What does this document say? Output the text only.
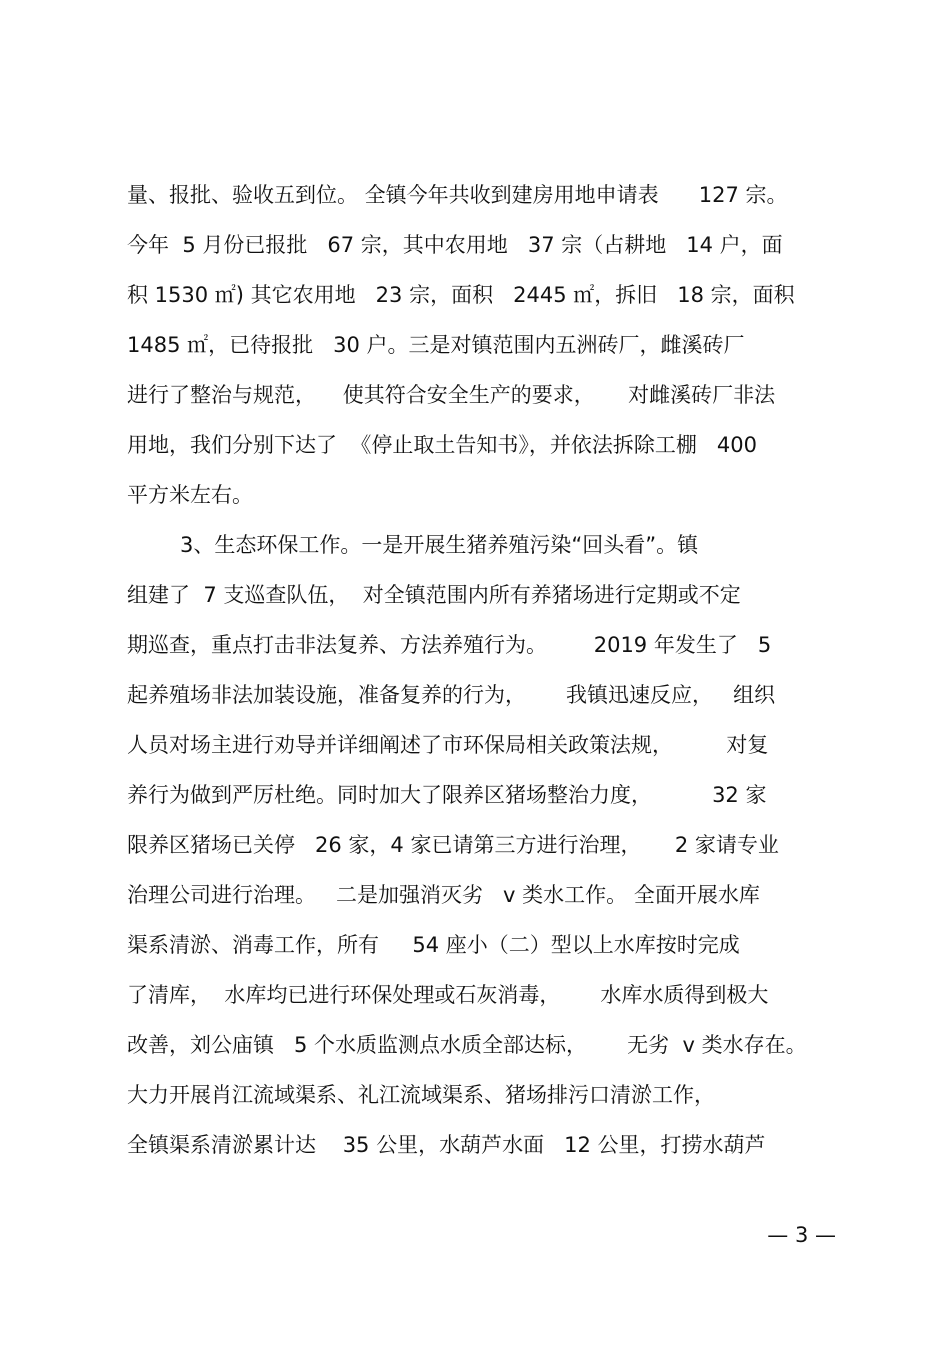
量、报批、验收五到位。 全镇今年共收到建房用地申请表      127 宗。
今年  5 月份已报批   67 宗，其中农用地   37 宗（占耕地   14 户，面
积 1530 ㎡) 其它农用地   23 宗，面积   2445 ㎡，拆旧   18 宗，面积
1485 ㎡，已待报批   30 户。三是对镇范围内五洲砖厂，雌溪砖厂
进行了整治与规范，    使其符合安全生产的要求，     对雌溪砖厂非法
用地，我们分别下达了  《停止取土告知书》，并依法拆除工棚   400
平方米左右。
3、生态环保工作。一是开展生猪养殖污染“回头看”。镇
组建了  7 支巡查队伍，  对全镇范围内所有养猪场进行定期或不定
期巡查，重点打击非法复养、方法养殖行为。       2019 年发生了   5
起养殖场非法加装设施，准备复养的行为，      我镇迅速反应，   组织
人员对场主进行劝导并详细阐述了市环保局相关政策法规，        对复
养行为做到严厉杜绝。同时加大了限养区猪场整治力度，         32 家
限养区猪场已关停   26 家，4 家已请第三方进行治理，     2 家请专业
治理公司进行治理。   二是加强消灭劣   v 类水工作。 全面开展水库
渠系清淤、消毒工作，所有     54 座小（二）型以上水库按时完成
了清库，  水库均已进行环保处理或石灰消毒，      水库水质得到极大
改善，刘公庙镇   5 个水质监测点水质全部达标，      无劣  v 类水存在。
大力开展肖江流域渠系、礼江流域渠系、猪场排污口清淤工作，
全镇渠系清淤累计达    35 公里，水葫芦水面   12 公里，打捞水葫芦
— 3 —
